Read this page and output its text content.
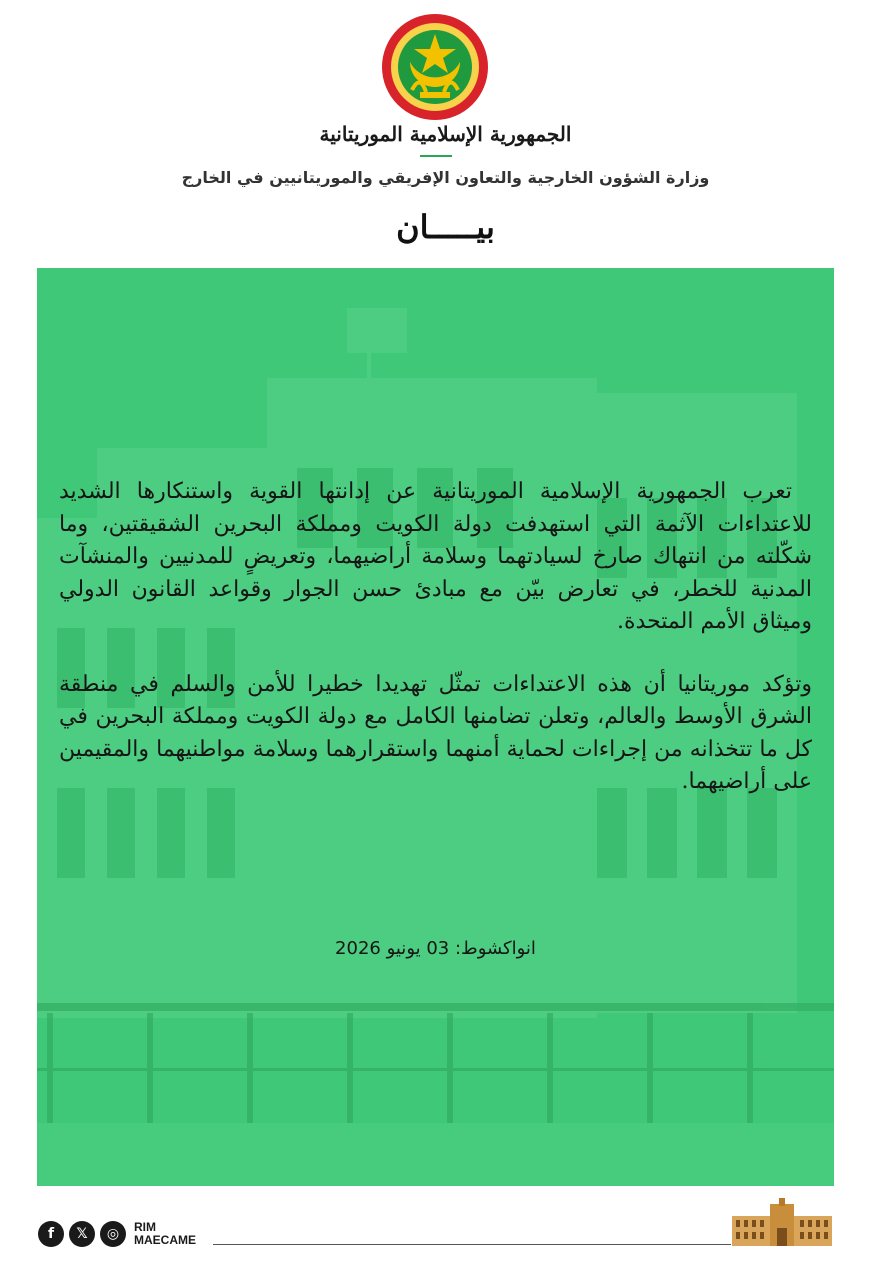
الجمهورية الإسلامية الموريتانية
وزارة الشؤون الخارجية والتعاون الإفريقي والموريتانيين في الخارج
بيـــــان

تعرب الجمهورية الإسلامية الموريتانية عن إدانتها القوية واستنكارها الشديد للاعتداءات الآثمة التي استهدفت دولة الكويت ومملكة البحرين الشقيقتين، وما شكّلته من انتهاك صارخ لسيادتهما وسلامة أراضيهما، وتعريضٍ للمدنيين والمنشآت المدنية للخطر، في تعارض بيّن مع مبادئ حسن الجوار وقواعد القانون الدولي وميثاق الأمم المتحدة.

وتؤكد موريتانيا أن هذه الاعتداءات تمثّل تهديدا خطيرا للأمن والسلم في منطقة الشرق الأوسط والعالم، وتعلن تضامنها الكامل مع دولة الكويت ومملكة البحرين في كل ما تتخذانه من إجراءات لحماية أمنهما واستقرارهما وسلامة مواطنيهما والمقيمين على أراضيهما.

انواكشوط: 03 يونيو 2026
f	𝕏	◎	RIM
MAECAME
